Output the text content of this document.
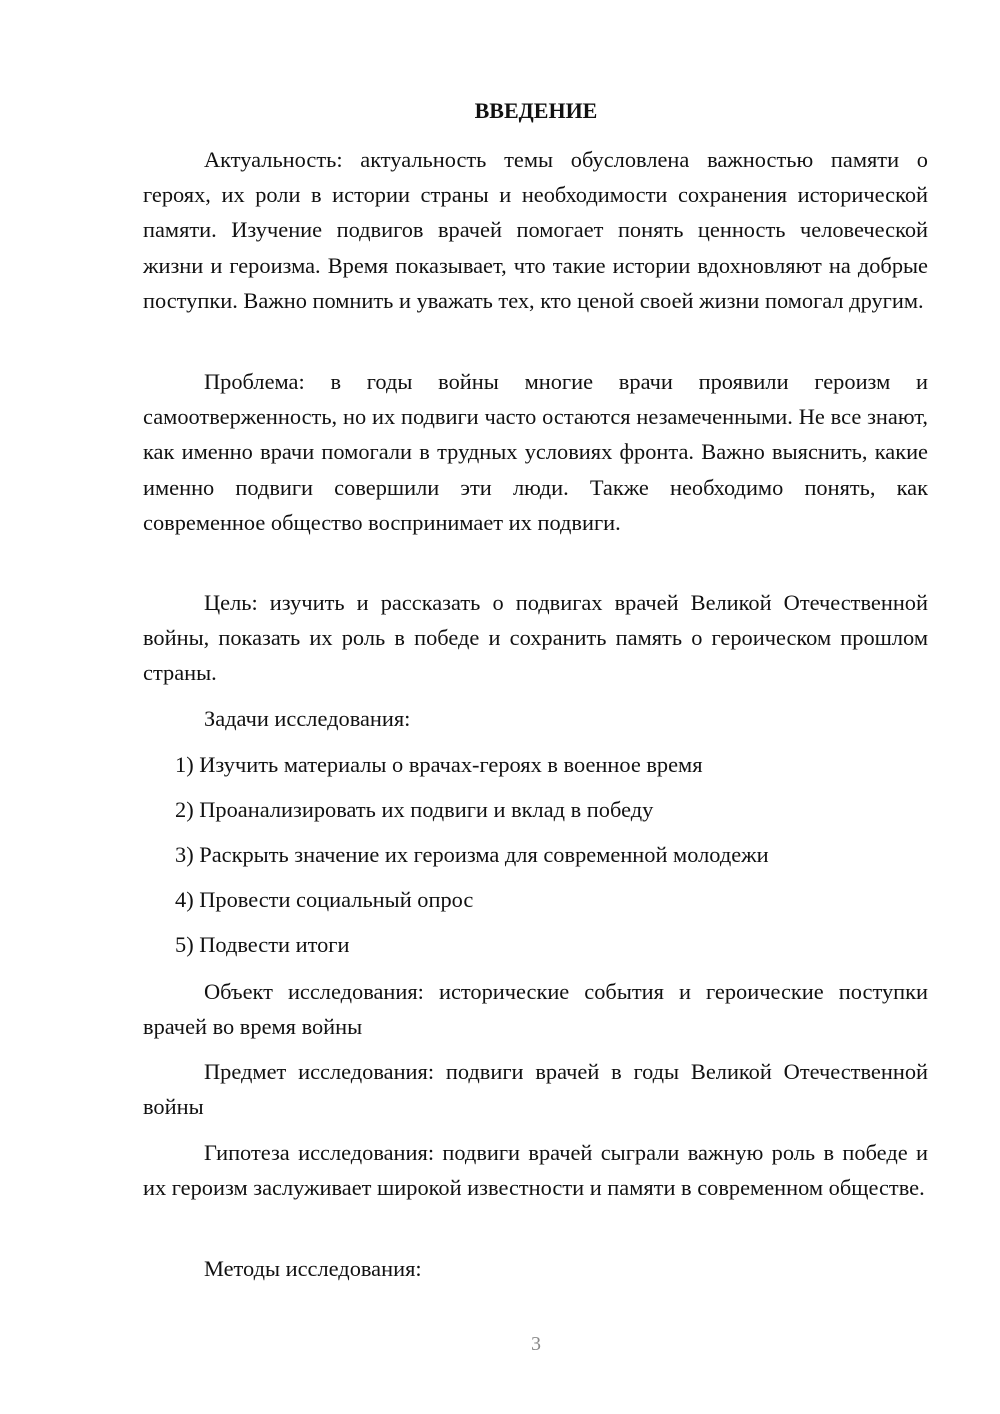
ВВЕДЕНИЕ

Актуальность: актуальность темы обусловлена важностью памяти о героях, их роли в истории страны и необходимости сохранения исторической памяти. Изучение подвигов врачей помогает понять ценность человеческой жизни и героизма. Время показывает, что такие истории вдохновляют на добрые поступки. Важно помнить и уважать тех, кто ценой своей жизни помогал другим.

Проблема: в годы войны многие врачи проявили героизм и самоотверженность, но их подвиги часто остаются незамеченными. Не все знают, как именно врачи помогали в трудных условиях фронта. Важно выяснить, какие именно подвиги совершили эти люди. Также необходимо понять, как современное общество воспринимает их подвиги.

Цель: изучить и рассказать о подвигах врачей Великой Отечественной войны, показать их роль в победе и сохранить память о героическом прошлом страны.

Задачи исследования:

1) Изучить материалы о врачах-героях в военное время
2) Проанализировать их подвиги и вклад в победу
3) Раскрыть значение их героизма для современной молодежи
4) Провести социальный опрос
5) Подвести итоги

Объект исследования: исторические события и героические поступки врачей во время войны

Предмет исследования: подвиги врачей в годы Великой Отечественной войны

Гипотеза исследования: подвиги врачей сыграли важную роль в победе и их героизм заслуживает широкой известности и памяти в современном обществе.

Методы исследования:

3
